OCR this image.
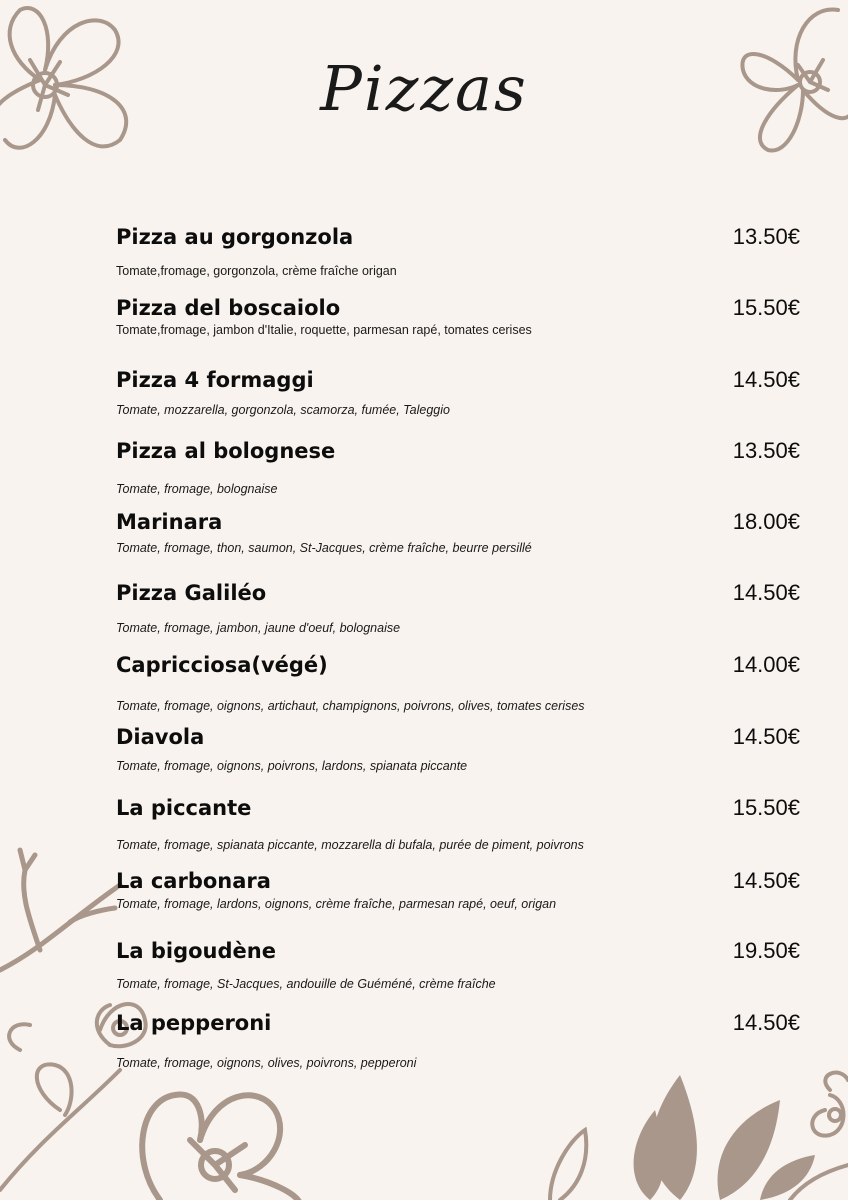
Pizzas
Pizza au gorgonzola	13.50€
Tomate,fromage, gorgonzola, crème fraîche origan
Pizza del boscaiolo	15.50€
Tomate,fromage, jambon d'Italie, roquette, parmesan rapé, tomates cerises
Pizza 4 formaggi	14.50€
Tomate, mozzarella, gorgonzola, scamorza, fumée, Taleggio
Pizza al bolognese	13.50€
Tomate, fromage, bolognaise
Marinara	18.00€
Tomate, fromage, thon, saumon, St-Jacques, crème fraîche, beurre persillé
Pizza Galiléo	14.50€
Tomate, fromage, jambon, jaune d'oeuf, bolognaise
Capricciosa(végé)	14.00€
Tomate, fromage, oignons, artichaut, champignons, poivrons, olives, tomates cerises
Diavola	14.50€
Tomate, fromage, oignons, poivrons, lardons, spianata piccante
La piccante	15.50€
Tomate, fromage, spianata piccante, mozzarella di bufala, purée de piment, poivrons
La carbonara	14.50€
Tomate, fromage, lardons, oignons, crème fraîche, parmesan rapé, oeuf, origan
La bigoudène	19.50€
Tomate, fromage, St-Jacques, andouille de Guéméné, crème fraîche
La pepperoni	14.50€
Tomate, fromage, oignons, olives, poivrons, pepperoni
